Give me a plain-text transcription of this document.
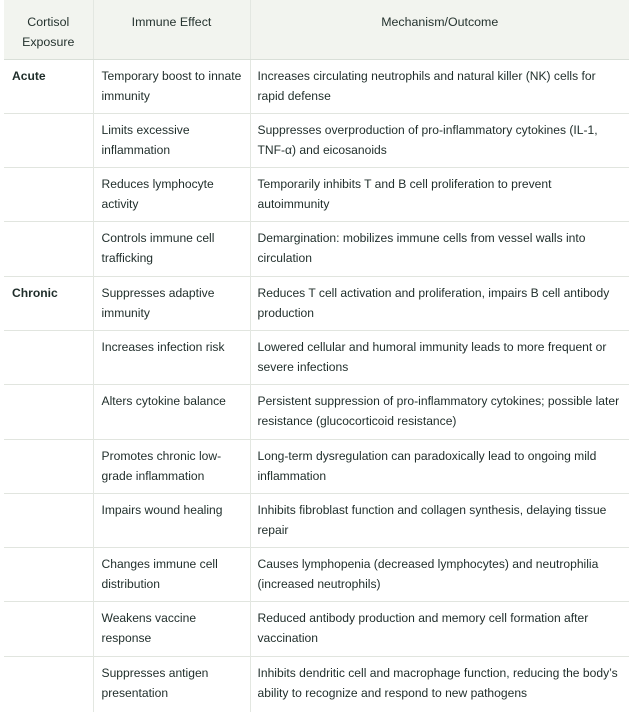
Cortisol Exposure	Immune Effect	Mechanism/Outcome
Acute	Temporary boost to innate immunity	Increases circulating neutrophils and natural killer (NK) cells for rapid defense
	Limits excessive inflammation	Suppresses overproduction of pro-inflammatory cytokines (IL-1, TNF-α) and eicosanoids
	Reduces lymphocyte activity	Temporarily inhibits T and B cell proliferation to prevent autoimmunity
	Controls immune cell trafficking	Demargination: mobilizes immune cells from vessel walls into circulation
Chronic	Suppresses adaptive immunity	Reduces T cell activation and proliferation, impairs B cell antibody production
	Increases infection risk	Lowered cellular and humoral immunity leads to more frequent or severe infections
	Alters cytokine balance	Persistent suppression of pro-inflammatory cytokines; possible later resistance (glucocorticoid resistance)
	Promotes chronic low-grade inflammation	Long-term dysregulation can paradoxically lead to ongoing mild inflammation
	Impairs wound healing	Inhibits fibroblast function and collagen synthesis, delaying tissue repair
	Changes immune cell distribution	Causes lymphopenia (decreased lymphocytes) and neutrophilia (increased neutrophils)
	Weakens vaccine response	Reduced antibody production and memory cell formation after vaccination
	Suppresses antigen presentation	Inhibits dendritic cell and macrophage function, reducing the body’s ability to recognize and respond to new pathogens
